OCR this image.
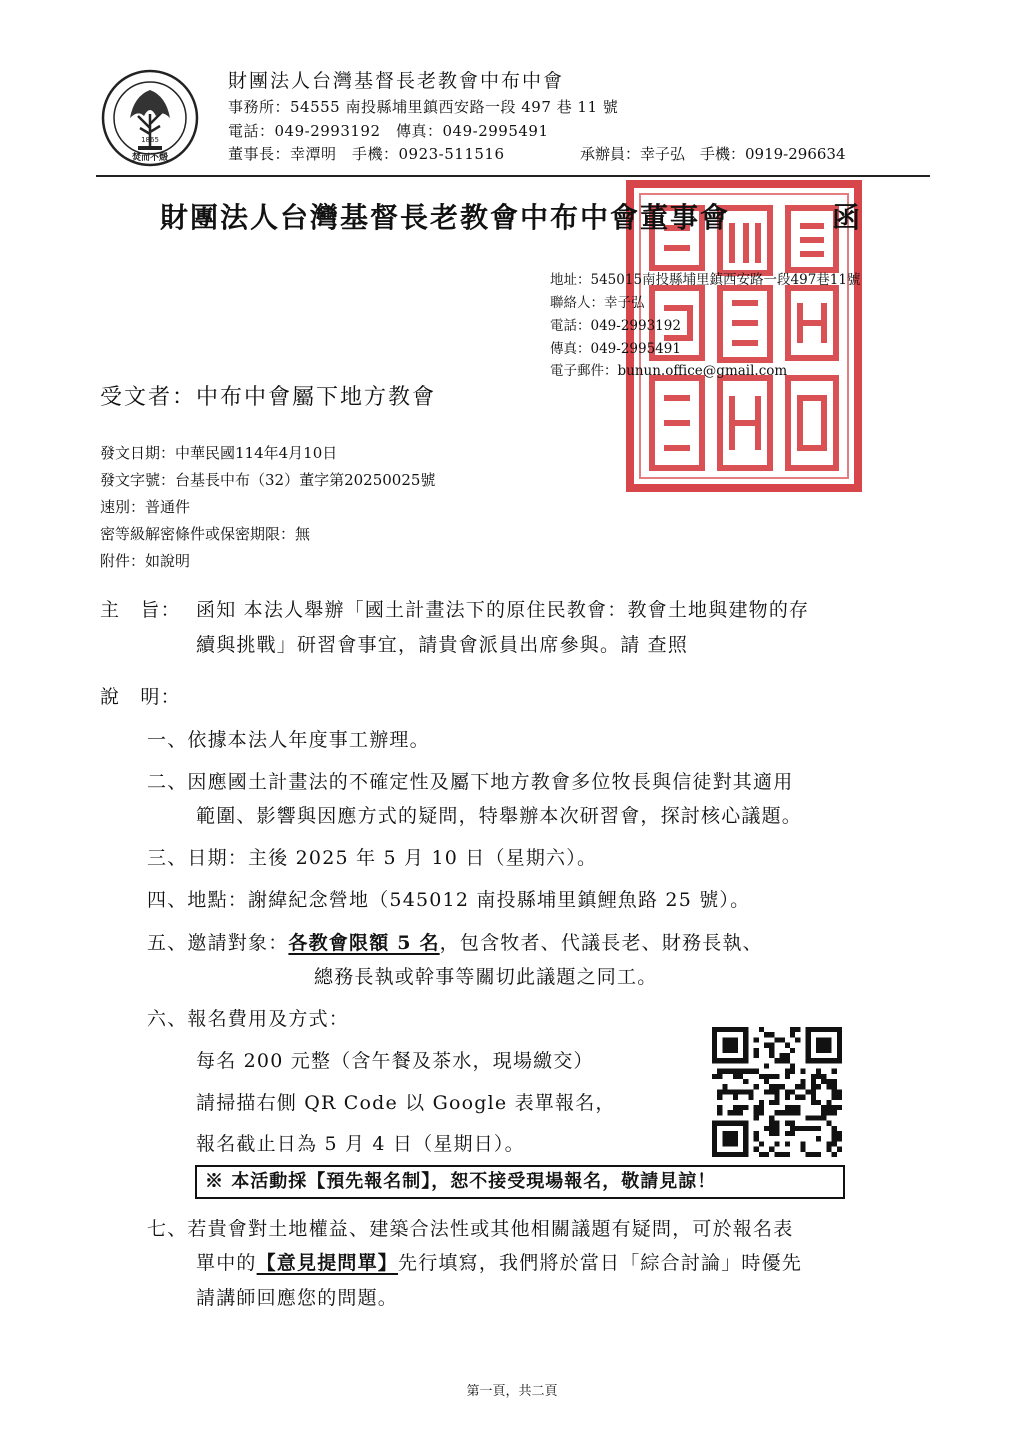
1865
焚而不燬
財團法人台灣基督長老教會中布中會
事務所：54555 南投縣埔里鎮西安路一段 497 巷 11 號
電話：049-2993192　傳真：049-2995491
董事長：幸潭明　手機：0923-511516	承辦員：幸子弘　手機：0919-296634
財團法人台灣基督長老教會中布中會董事會	函
地址：545015南投縣埔里鎮西安路一段497巷11號
聯絡人：幸子弘
電話：049-2993192
傳真：049-2995491
電子郵件：bunun.office@gmail.com
受文者：中布中會屬下地方教會
發文日期：中華民國114年4月10日
發文字號：台基長中布（32）董字第20250025號
速別：普通件
密等級解密條件或保密期限：無
附件：如說明
主　旨： 函知 本法人舉辦「國土計畫法下的原住民教會：教會土地與建物的存
續與挑戰」研習會事宜，請貴會派員出席參與。請 查照
說　明：
一、依據本法人年度事工辦理。
二、因應國土計畫法的不確定性及屬下地方教會多位牧長與信徒對其適用
範圍、影響與因應方式的疑問，特舉辦本次研習會，探討核心議題。
三、日期：主後 2025 年 5 月 10 日（星期六）。
四、地點：謝緯紀念營地（545012 南投縣埔里鎮鯉魚路 25 號）。
五、邀請對象：各教會限額 5 名，包含牧者、代議長老、財務長執、
總務長執或幹事等關切此議題之同工。
六、報名費用及方式：
每名 200 元整（含午餐及茶水，現場繳交）
請掃描右側 QR Code 以 Google 表單報名，
報名截止日為 5 月 4 日（星期日）。
※ 本活動採【預先報名制】，恕不接受現場報名，敬請見諒！
七、若貴會對土地權益、建築合法性或其他相關議題有疑問，可於報名表
單中的【意見提問單】先行填寫，我們將於當日「綜合討論」時優先
請講師回應您的問題。
第一頁，共二頁
